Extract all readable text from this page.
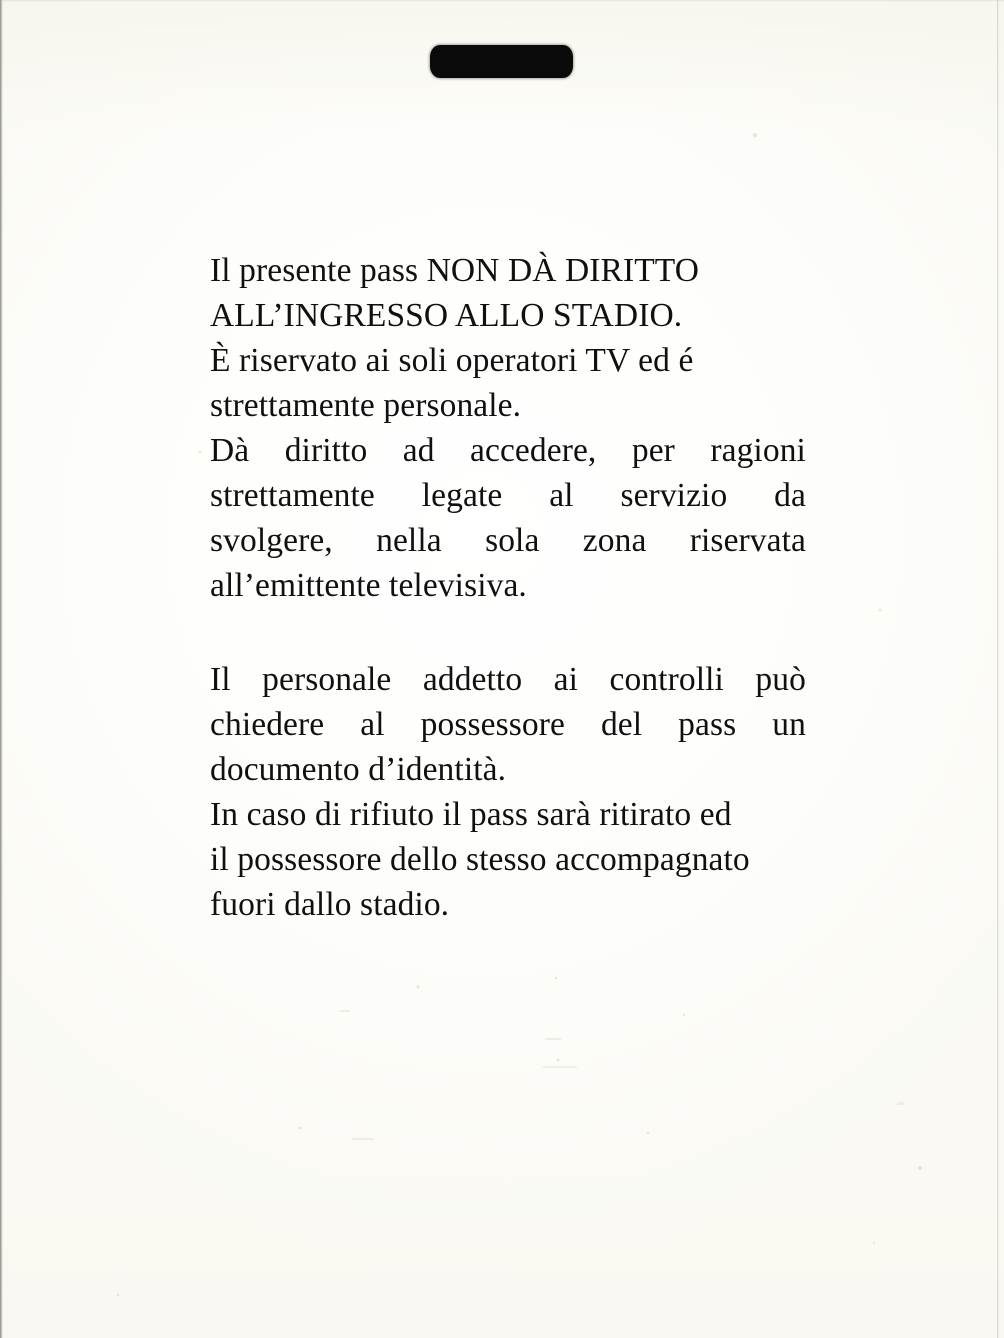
Il presente pass NON DÀ DIRITTO
ALL’INGRESSO ALLO STADIO.
È riservato ai soli operatori TV ed é
strettamente personale.
Dà diritto ad accedere, per ragioni
strettamente legate al servizio da
svolgere, nella sola zona riservata
all’emittente televisiva.

Il personale addetto ai controlli può
chiedere al possessore del pass un
documento d’identità.
In caso di rifiuto il pass sarà ritirato ed
il possessore dello stesso accompagnato
fuori dallo stadio.
